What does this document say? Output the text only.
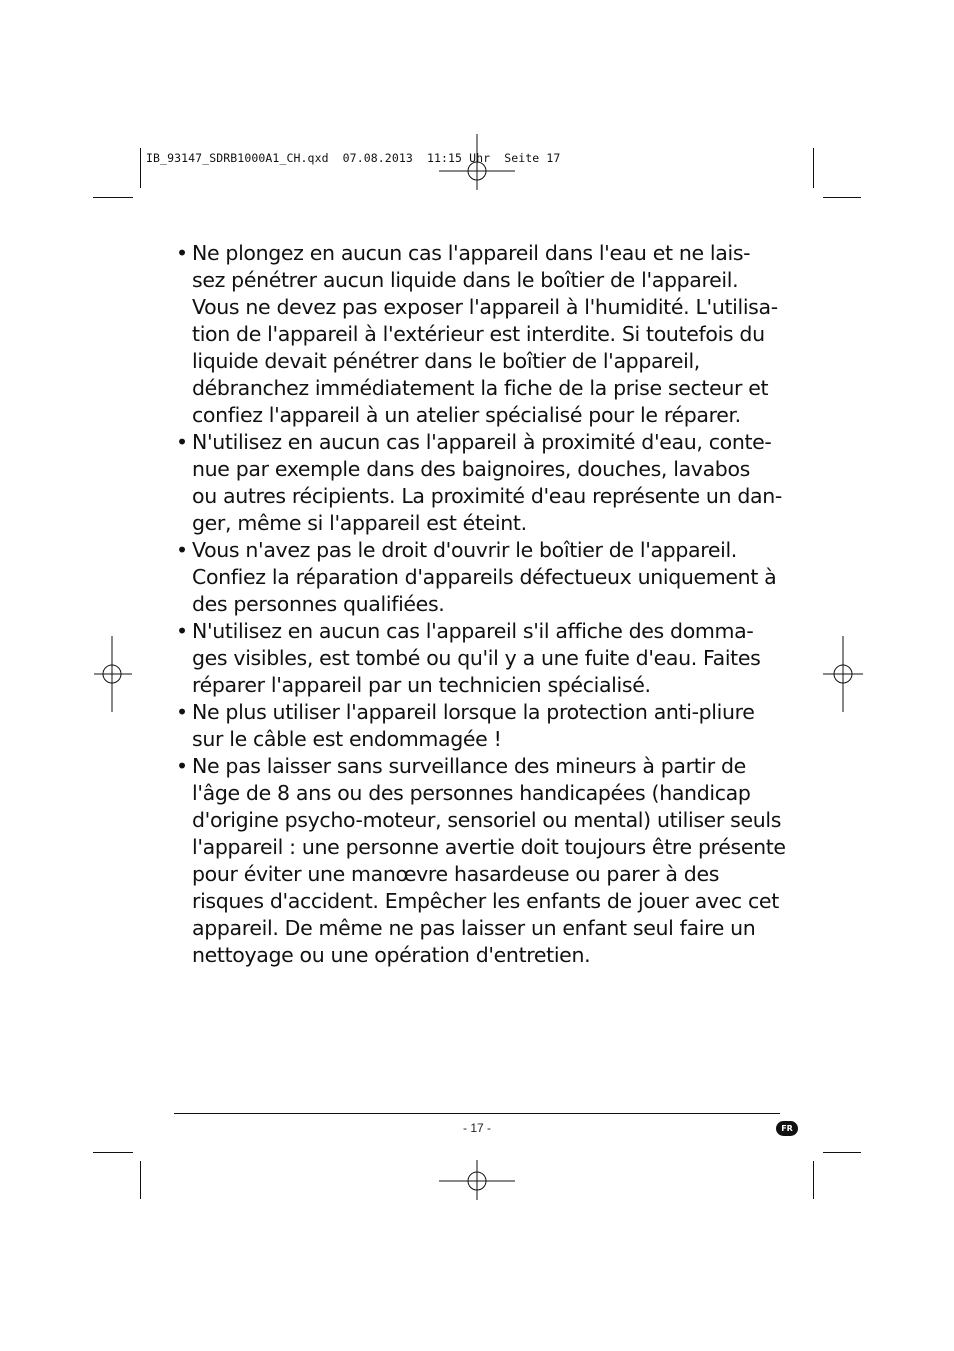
IB_93147_SDRB1000A1_CH.qxd  07.08.2013  11:15 Uhr  Seite 17
• Ne plongez en aucun cas l'appareil dans l'eau et ne lais-
sez pénétrer aucun liquide dans le boîtier de l'appareil.
Vous ne devez pas exposer l'appareil à l'humidité. L'utilisa-
tion de l'appareil à l'extérieur est interdite. Si toutefois du
liquide devait pénétrer dans le boîtier de l'appareil,
débranchez immédiatement la fiche de la prise secteur et
confiez l'appareil à un atelier spécialisé pour le réparer.
• N'utilisez en aucun cas l'appareil à proximité d'eau, conte-
nue par exemple dans des baignoires, douches, lavabos
ou autres récipients. La proximité d'eau représente un dan-
ger, même si l'appareil est éteint.
• Vous n'avez pas le droit d'ouvrir le boîtier de l'appareil.
Confiez la réparation d'appareils défectueux uniquement à
des personnes qualifiées.
• N'utilisez en aucun cas l'appareil s'il affiche des domma-
ges visibles, est tombé ou qu'il y a une fuite d'eau. Faites
réparer l'appareil par un technicien spécialisé.
• Ne plus utiliser l'appareil lorsque la protection anti-pliure
sur le câble est endommagée !
• Ne pas laisser sans surveillance des mineurs à partir de
l'âge de 8 ans ou des personnes handicapées (handicap
d'origine psycho-moteur, sensoriel ou mental) utiliser seuls
l'appareil : une personne avertie doit toujours être présente
pour éviter une manœvre hasardeuse ou parer à des
risques d'accident. Empêcher les enfants de jouer avec cet
appareil. De même ne pas laisser un enfant seul faire un
nettoyage ou une opération d'entretien.
- 17 -	FR
